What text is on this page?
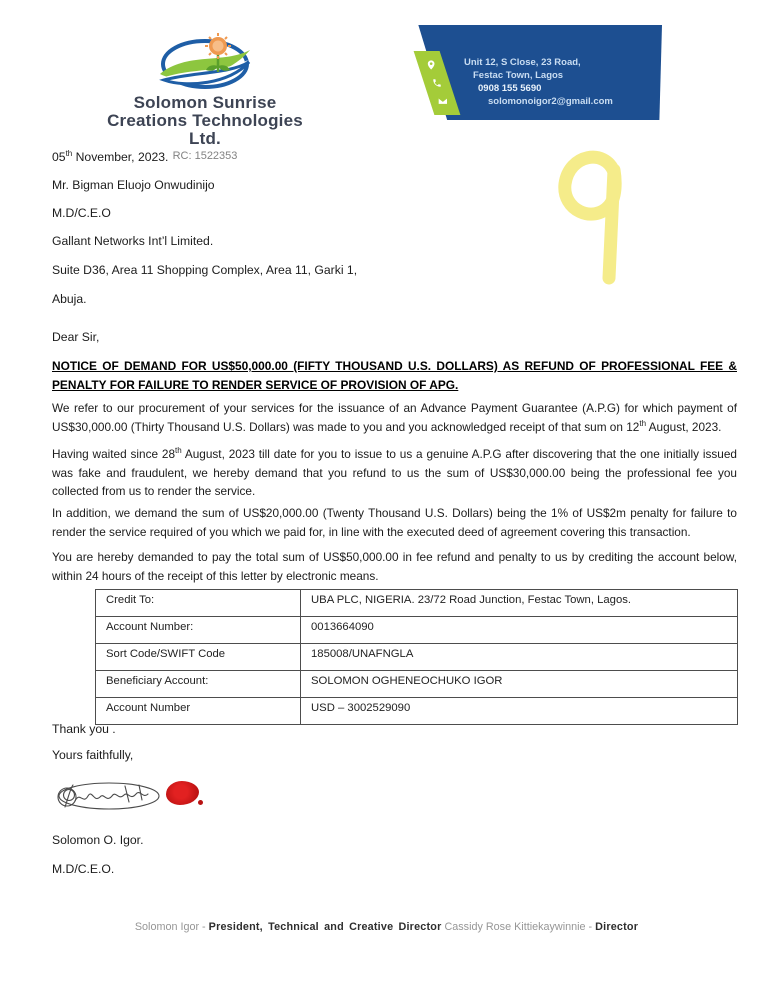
Solomon Sunrise
Creations Technologies Ltd.
RC: 1522353
Unit 12, S Close, 23 Road,
Festac Town, Lagos
0908 155 5690
solomonoigor2@gmail.com
05th November, 2023.
Mr. Bigman Eluojo Onwudinijo
M.D/C.E.O
Gallant Networks Int’l Limited.
Suite D36, Area 11 Shopping Complex, Area 11, Garki 1,
Abuja.
Dear Sir,
NOTICE OF DEMAND FOR US$50,000.00 (FIFTY THOUSAND U.S. DOLLARS) AS REFUND OF PROFESSIONAL FEE & PENALTY FOR FAILURE TO RENDER SERVICE OF PROVISION OF APG.
We refer to our procurement of your services for the issuance of an Advance Payment Guarantee (A.P.G) for which payment of US$30,000.00 (Thirty Thousand U.S. Dollars) was made to you and you acknowledged receipt of that sum on 12th August, 2023.
Having waited since 28th August, 2023 till date for you to issue to us a genuine A.P.G after discovering that the one initially issued was fake and fraudulent, we hereby demand that you refund to us the sum of US$30,000.00 being the professional fee you collected from us to render the service.
In addition, we demand the sum of US$20,000.00 (Twenty Thousand U.S. Dollars) being the 1% of US$2m penalty for failure to render the service required of you which we paid for, in line with the executed deed of agreement covering this transaction.
You are hereby demanded to pay the total sum of US$50,000.00 in fee refund and penalty to us by crediting the account below, within 24 hours of the receipt of this letter by electronic means.
Credit To:	UBA PLC, NIGERIA. 23/72 Road Junction, Festac Town, Lagos.
Account Number:	0013664090
Sort Code/SWIFT Code	185008/UNAFNGLA
Beneficiary Account:	SOLOMON OGHENEOCHUKO IGOR
Account Number	USD – 3002529090
Thank you .
Yours faithfully,
Solomon O. Igor.
M.D/C.E.O.
Solomon Igor - President, Technical and Creative Director Cassidy Rose Kittiekaywinnie - Director
